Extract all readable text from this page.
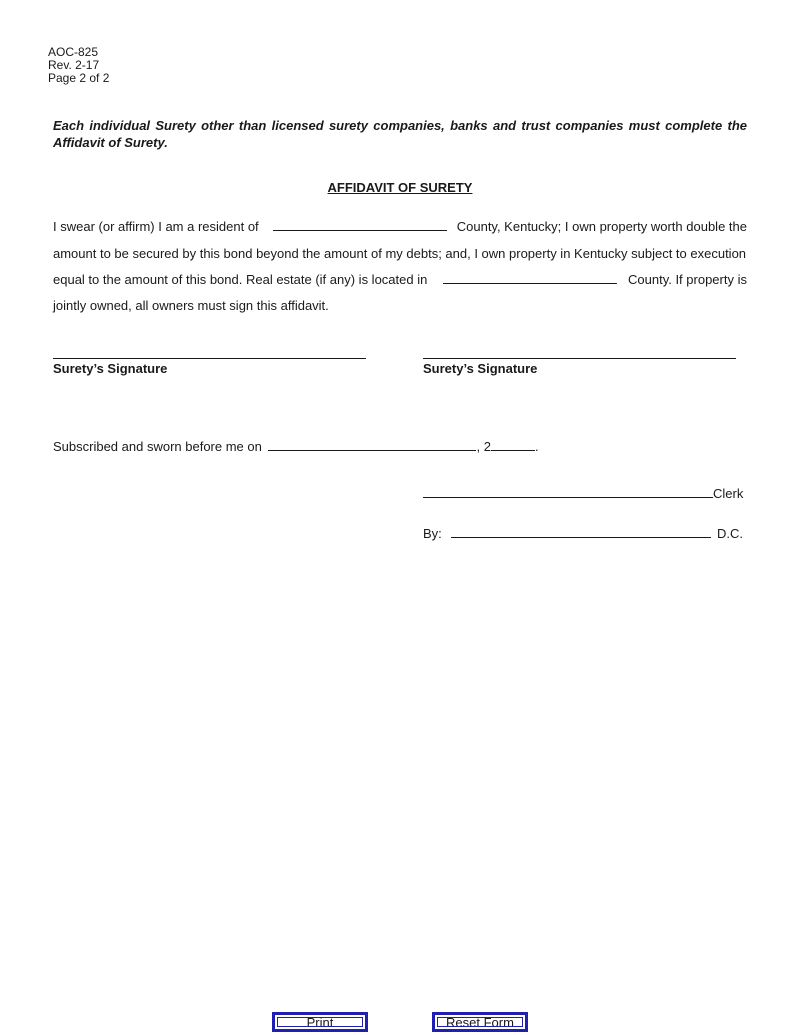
AOC-825
Rev. 2-17
Page 2 of 2
Each individual Surety other than licensed surety companies, banks and trust companies must complete the Affidavit of Surety.
AFFIDAVIT OF SURETY
I swear (or affirm) I am a resident of	County, Kentucky; I own property worth double the
amount to be secured by this bond beyond the amount of my debts; and, I own property in Kentucky subject to execution
equal to the amount of this bond. Real estate (if any) is located in	County. If property is
jointly owned, all owners must sign this affidavit.
Surety’s Signature	Surety’s Signature
Subscribed and sworn before me on	, 2	.
Clerk
By:	D.C.
Print	Reset Form
